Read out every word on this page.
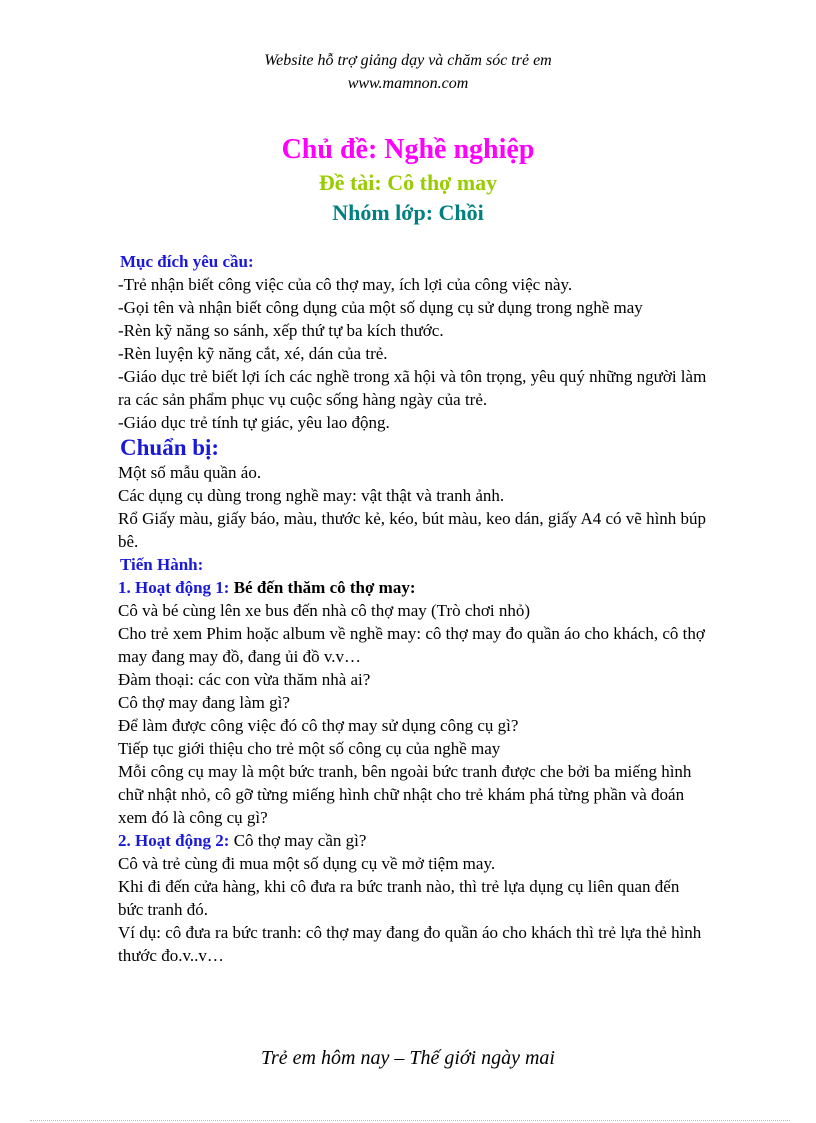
Website hỗ trợ giảng dạy và chăm sóc trẻ em
www.mamnon.com
Chủ đề: Nghề nghiệp
Đề tài: Cô thợ may
Nhóm lớp: Chồi

Mục đích yêu cầu:

-Trẻ nhận biết công việc của cô thợ may, ích lợi của công việc này.

-Gọi tên và nhận biết công dụng của một số dụng cụ sử dụng trong nghề may

-Rèn kỹ năng so sánh, xếp thứ tự ba kích thước.

-Rèn luyện kỹ năng cắt, xé, dán của trẻ.

-Giáo dục trẻ biết lợi ích các nghề trong xã hội và tôn trọng, yêu quý những người làm ra các sản phẩm phục vụ cuộc sống hàng ngày của trẻ.

-Giáo dục trẻ tính tự giác, yêu lao động.

Chuẩn bị:

Một số mẫu quần áo.

Các dụng cụ dùng trong nghề may: vật thật và tranh ảnh.

Rổ Giấy màu, giấy báo, màu, thước kẻ, kéo, bút màu, keo dán, giấy A4 có vẽ hình búp bê.

Tiến Hành:

1. Hoạt động 1: Bé đến thăm cô thợ may:

Cô và bé cùng lên xe bus đến nhà cô thợ may (Trò chơi nhỏ)

Cho trẻ xem Phim hoặc album về nghề may: cô thợ may đo quần áo cho khách, cô thợ may đang may đồ, đang ủi đồ v.v…

Đàm thoại: các con vừa thăm nhà ai?

Cô thợ may đang làm gì?

Để làm được công việc đó cô thợ may sử dụng công cụ gì?

Tiếp tục giới thiệu cho trẻ một số công cụ của nghề may

Mỗi công cụ may là một bức tranh, bên ngoài bức tranh được che bởi ba miếng hình chữ nhật nhỏ, cô gỡ từng miếng hình chữ nhật cho trẻ khám phá từng phần và đoán xem đó là công cụ gì?

2. Hoạt động 2: Cô thợ may cần gì?

Cô và trẻ cùng đi mua một số dụng cụ về mở tiệm may.

Khi đi đến cửa hàng, khi cô đưa ra bức tranh nào, thì trẻ lựa dụng cụ liên quan đến bức tranh đó.

Ví dụ: cô đưa ra bức tranh: cô thợ may đang đo quần áo cho khách thì trẻ lựa thẻ hình thước đo.v..v…

Trẻ em hôm nay – Thế giới ngày mai
